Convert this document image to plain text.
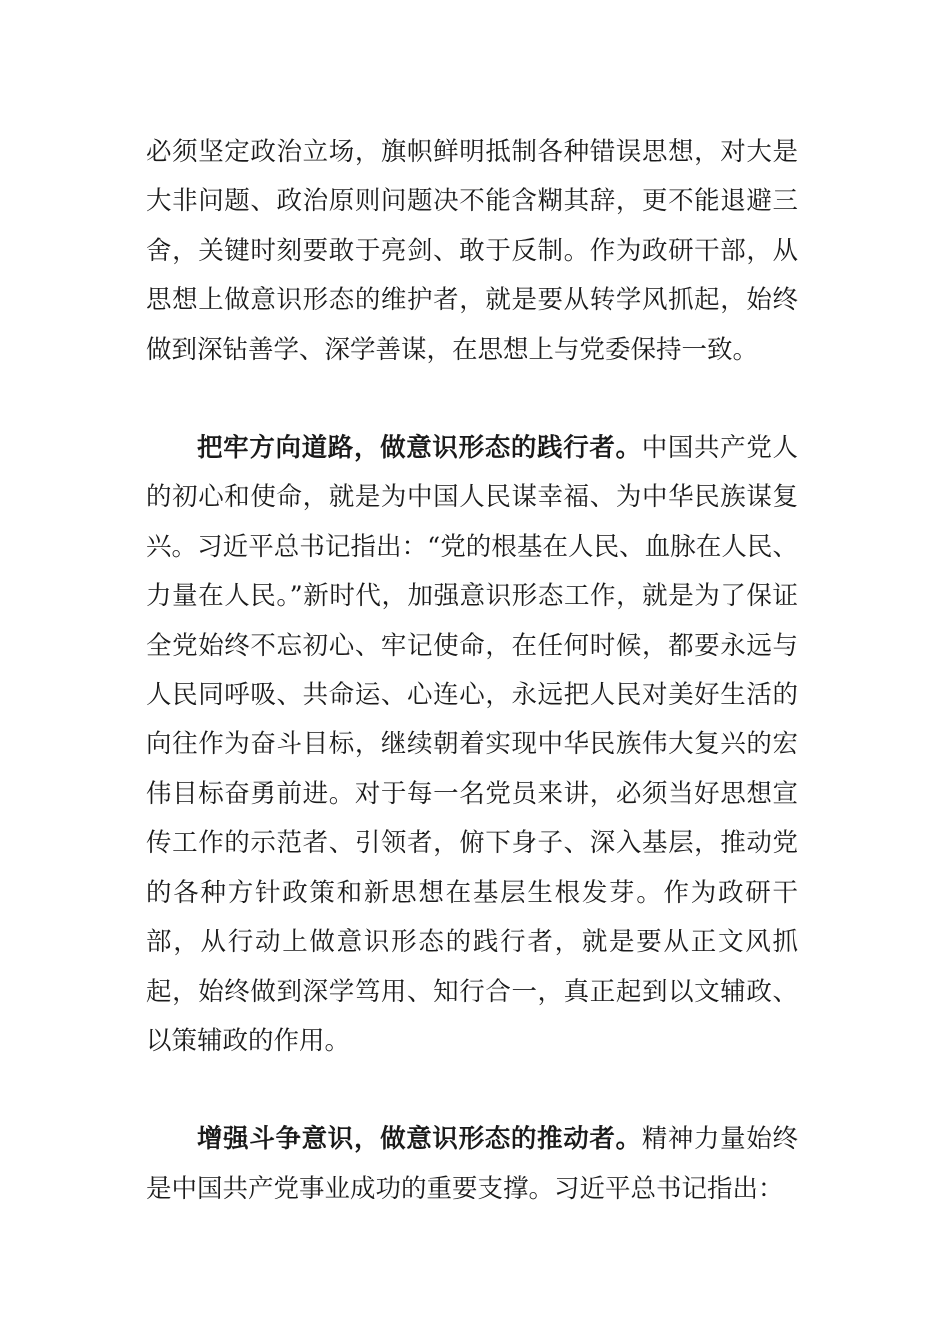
必须坚定政治立场，旗帜鲜明抵制各种错误思想，对大是大非问题、政治原则问题决不能含糊其辞，更不能退避三舍，关键时刻要敢于亮剑、敢于反制。作为政研干部，从思想上做意识形态的维护者，就是要从转学风抓起，始终做到深钻善学、深学善谋，在思想上与党委保持一致。

把牢方向道路，做意识形态的践行者。中国共产党人的初心和使命，就是为中国人民谋幸福、为中华民族谋复兴。习近平总书记指出：“党的根基在人民、血脉在人民、力量在人民。”新时代，加强意识形态工作，就是为了保证全党始终不忘初心、牢记使命，在任何时候，都要永远与人民同呼吸、共命运、心连心，永远把人民对美好生活的向往作为奋斗目标，继续朝着实现中华民族伟大复兴的宏伟目标奋勇前进。对于每一名党员来讲，必须当好思想宣传工作的示范者、引领者，俯下身子、深入基层，推动党的各种方针政策和新思想在基层生根发芽。作为政研干部，从行动上做意识形态的践行者，就是要从正文风抓起，始终做到深学笃用、知行合一，真正起到以文辅政、以策辅政的作用。

增强斗争意识，做意识形态的推动者。精神力量始终是中国共产党事业成功的重要支撑。习近平总书记指出：
